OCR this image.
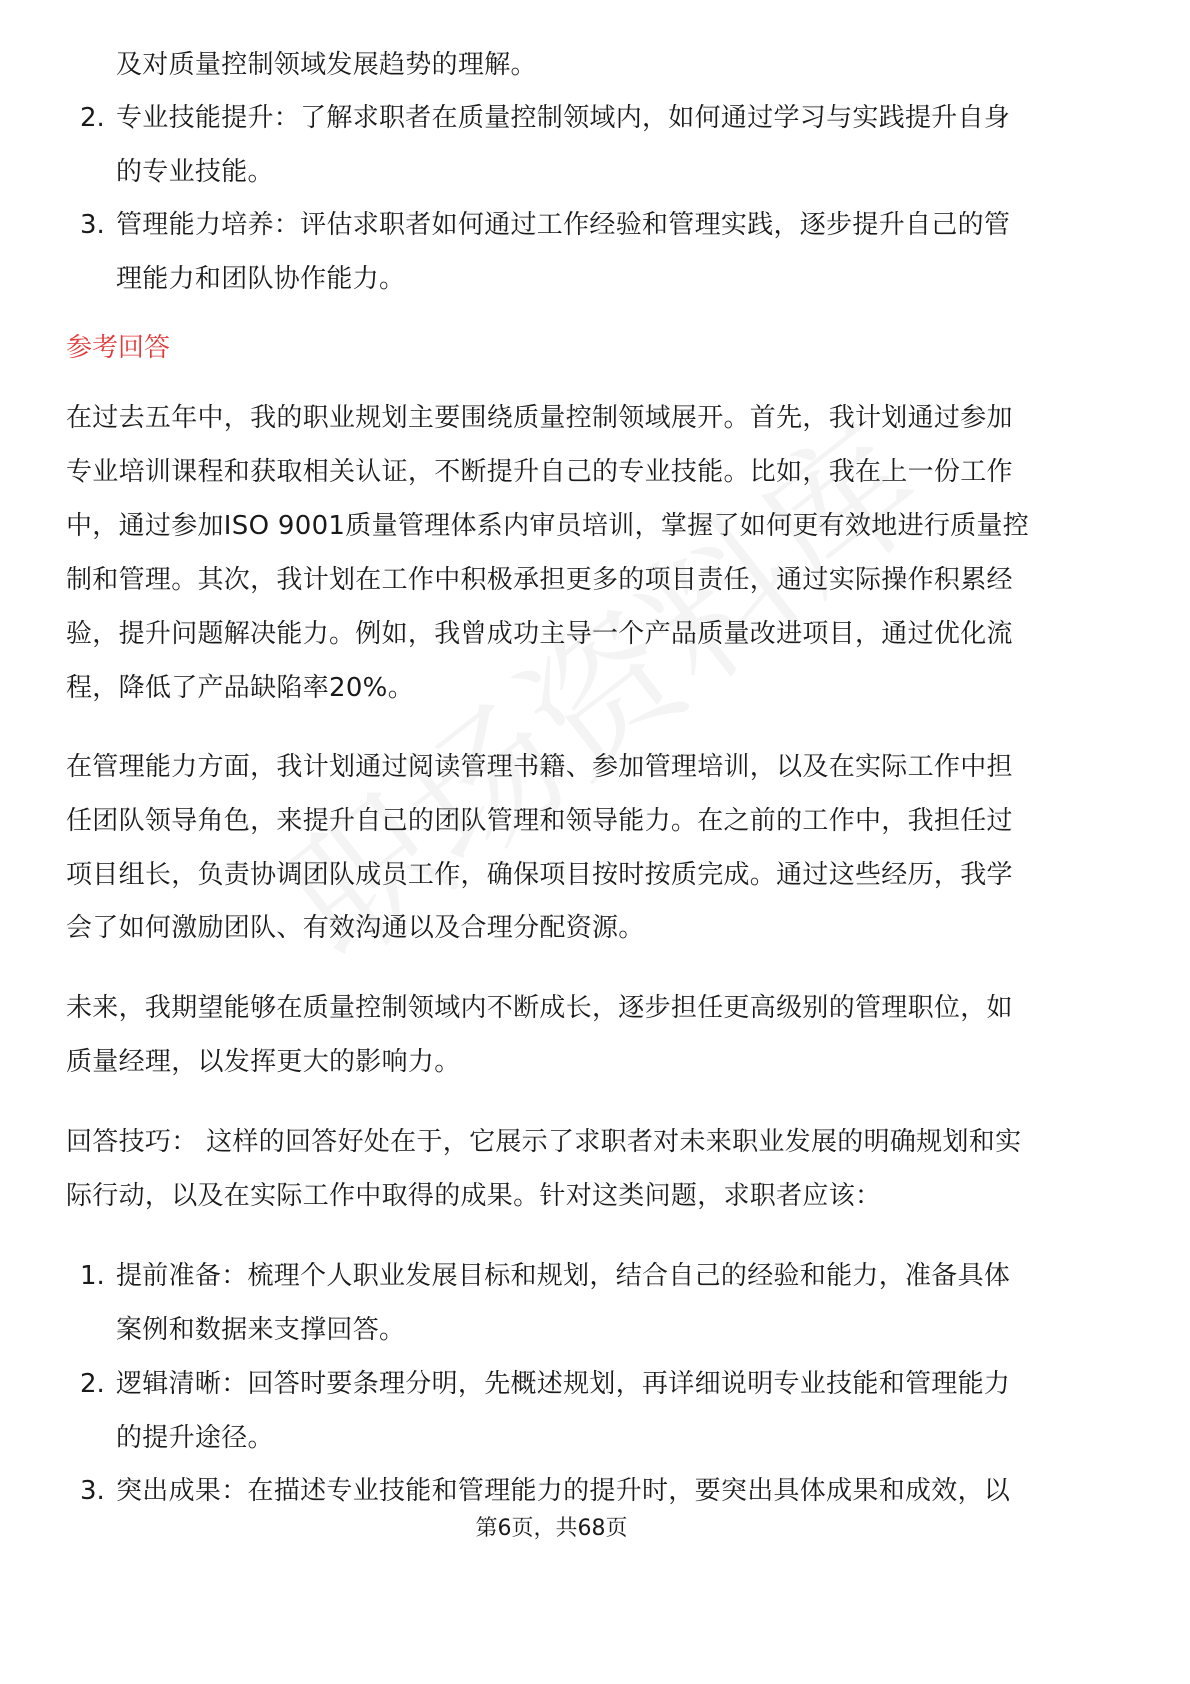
及对质量控制领域发展趋势的理解。
2. 专业技能提升：了解求职者在质量控制领域内，如何通过学习与实践提升自身
的专业技能。
3. 管理能力培养：评估求职者如何通过工作经验和管理实践，逐步提升自己的管
理能力和团队协作能力。
参考回答
在过去五年中，我的职业规划主要围绕质量控制领域展开。首先，我计划通过参加
专业培训课程和获取相关认证，不断提升自己的专业技能。比如，我在上一份工作
中，通过参加ISO 9001质量管理体系内审员培训，掌握了如何更有效地进行质量控
制和管理。其次，我计划在工作中积极承担更多的项目责任，通过实际操作积累经
验，提升问题解决能力。例如，我曾成功主导一个产品质量改进项目，通过优化流
程，降低了产品缺陷率20%。
在管理能力方面，我计划通过阅读管理书籍、参加管理培训，以及在实际工作中担
任团队领导角色，来提升自己的团队管理和领导能力。在之前的工作中，我担任过
项目组长，负责协调团队成员工作，确保项目按时按质完成。通过这些经历，我学
会了如何激励团队、有效沟通以及合理分配资源。
未来，我期望能够在质量控制领域内不断成长，逐步担任更高级别的管理职位，如
质量经理，以发挥更大的影响力。
回答技巧： 这样的回答好处在于，它展示了求职者对未来职业发展的明确规划和实
际行动，以及在实际工作中取得的成果。针对这类问题，求职者应该：
1. 提前准备：梳理个人职业发展目标和规划，结合自己的经验和能力，准备具体
案例和数据来支撑回答。
2. 逻辑清晰：回答时要条理分明，先概述规划，再详细说明专业技能和管理能力
的提升途径。
3. 突出成果：在描述专业技能和管理能力的提升时，要突出具体成果和成效，以
第6页，共68页
